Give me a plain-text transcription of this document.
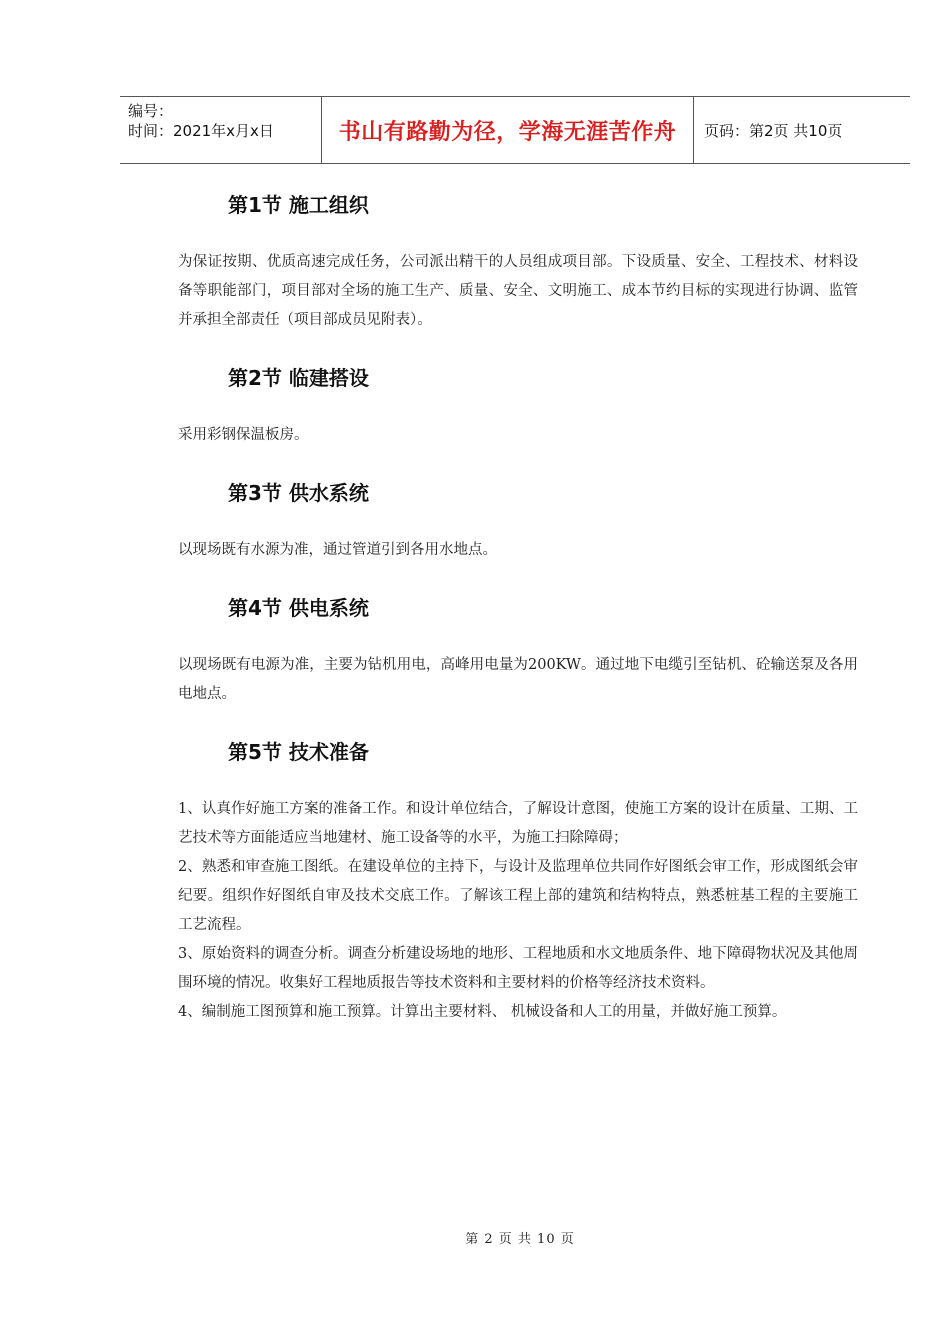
编号：
时间：2021年x月x日	书山有路勤为径，学海无涯苦作舟 页码：第2页 共10页
第1节 施工组织

为保证按期、优质高速完成任务，公司派出精干的人员组成项目部。下设质量、安全、工程技术、材料设备等职能部门，项目部对全场的施工生产、质量、安全、文明施工、成本节约目标的实现进行协调、监管并承担全部责任（项目部成员见附表）。

第2节 临建搭设

采用彩钢保温板房。

第3节 供水系统

以现场既有水源为准，通过管道引到各用水地点。

第4节 供电系统

以现场既有电源为准，主要为钻机用电，高峰用电量为200KW。通过地下电缆引至钻机、砼输送泵及各用电地点。

第5节 技术准备

1、认真作好施工方案的准备工作。和设计单位结合，了解设计意图，使施工方案的设计在质量、工期、工艺技术等方面能适应当地建材、施工设备等的水平，为施工扫除障碍；

2、熟悉和审查施工图纸。在建设单位的主持下，与设计及监理单位共同作好图纸会审工作，形成图纸会审纪要。组织作好图纸自审及技术交底工作。了解该工程上部的建筑和结构特点，熟悉桩基工程的主要施工工艺流程。

3、原始资料的调查分析。调查分析建设场地的地形、工程地质和水文地质条件、地下障碍物状况及其他周围环境的情况。收集好工程地质报告等技术资料和主要材料的价格等经济技术资料。

4、编制施工图预算和施工预算。计算出主要材料、 机械设备和人工的用量，并做好施工预算。

第 2 页 共 10 页
